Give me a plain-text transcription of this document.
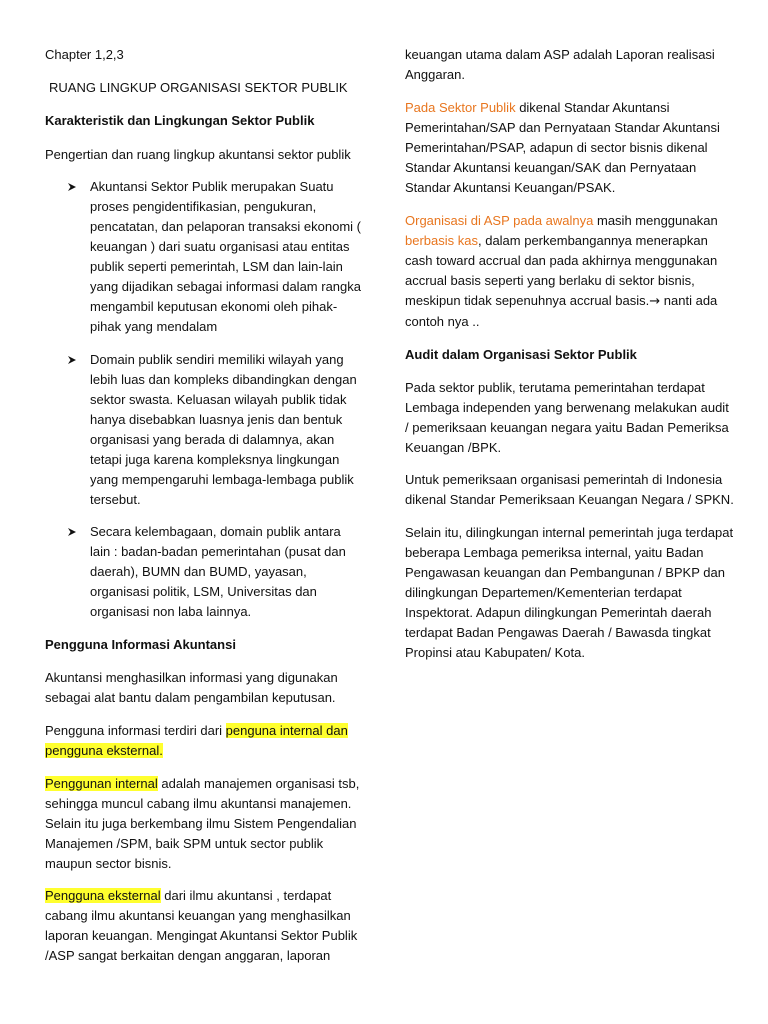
Chapter 1,2,3

RUANG LINGKUP ORGANISASI SEKTOR PUBLIK

Karakteristik dan Lingkungan Sektor Publik

Pengertian dan ruang lingkup akuntansi sektor publik

Akuntansi Sektor Publik merupakan Suatu proses pengidentifikasian, pengukuran, pencatatan, dan pelaporan transaksi ekonomi ( keuangan ) dari suatu organisasi atau entitas publik seperti pemerintah, LSM dan lain-lain yang dijadikan sebagai informasi dalam rangka mengambil keputusan ekonomi oleh pihak-pihak yang mendalam

Domain publik sendiri memiliki wilayah yang lebih luas dan kompleks dibandingkan dengan sektor swasta. Keluasan wilayah publik tidak hanya disebabkan luasnya jenis dan bentuk organisasi yang berada di dalamnya, akan tetapi juga karena kompleksnya lingkungan yang mempengaruhi lembaga-lembaga publik tersebut.

Secara kelembagaan, domain publik antara lain : badan-badan pemerintahan (pusat dan daerah), BUMN dan BUMD, yayasan, organisasi politik, LSM, Universitas dan organisasi non laba lainnya.

Pengguna Informasi Akuntansi

Akuntansi menghasilkan informasi yang digunakan sebagai alat bantu dalam pengambilan keputusan.

Pengguna informasi terdiri dari penguna internal dan pengguna eksternal.

Penggunan internal adalah manajemen organisasi tsb, sehingga muncul cabang ilmu akuntansi manajemen. Selain itu juga berkembang ilmu Sistem Pengendalian Manajemen /SPM, baik SPM untuk sector publik maupun sector bisnis.

Pengguna eksternal dari ilmu akuntansi , terdapat cabang ilmu akuntansi keuangan yang menghasilkan laporan keuangan. Mengingat Akuntansi Sektor Publik /ASP sangat berkaitan dengan anggaran, laporan

keuangan utama dalam ASP adalah Laporan realisasi Anggaran.

Pada Sektor Publik dikenal Standar Akuntansi Pemerintahan/SAP dan Pernyataan Standar Akuntansi Pemerintahan/PSAP, adapun di sector bisnis dikenal Standar Akuntansi keuangan/SAK dan Pernyataan Standar Akuntansi Keuangan/PSAK.

Organisasi di ASP pada awalnya masih menggunakan berbasis kas, dalam perkembangannya menerapkan cash toward accrual dan pada akhirnya menggunakan accrual basis seperti yang berlaku di sektor bisnis, meskipun tidak sepenuhnya accrual basis.→ nanti ada contoh nya ..

Audit dalam Organisasi Sektor Publik

Pada sektor publik, terutama pemerintahan terdapat Lembaga independen yang berwenang melakukan audit / pemeriksaan keuangan negara yaitu Badan Pemeriksa Keuangan /BPK.

Untuk pemeriksaan organisasi pemerintah di Indonesia dikenal Standar Pemeriksaan Keuangan Negara / SPKN.

Selain itu, dilingkungan internal pemerintah juga terdapat beberapa Lembaga pemeriksa internal, yaitu Badan Pengawasan keuangan dan Pembangunan / BPKP dan dilingkungan Departemen/Kementerian terdapat Inspektorat. Adapun dilingkungan Pemerintah daerah terdapat Badan Pengawas Daerah / Bawasda tingkat Propinsi atau Kabupaten/ Kota.
